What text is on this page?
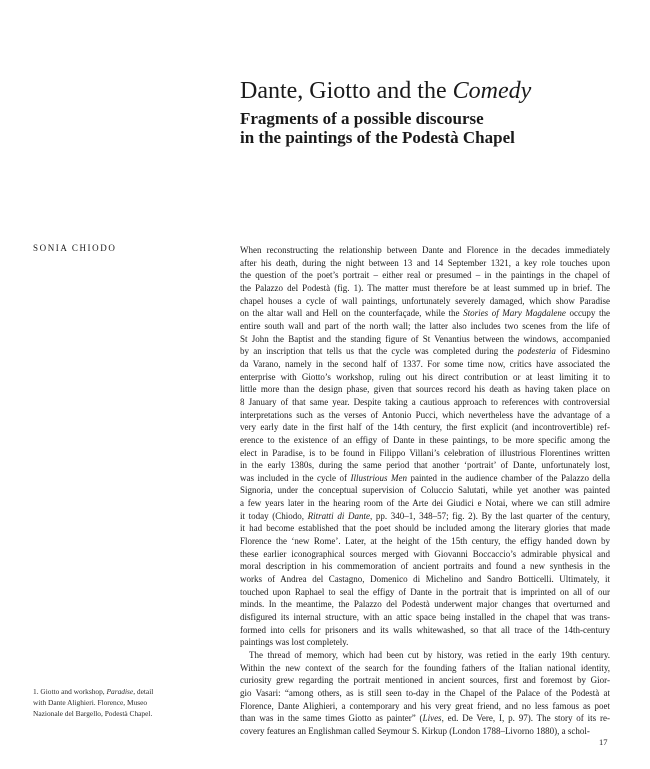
Dante, Giotto and the Comedy
Fragments of a possible discourse
in the paintings of the Podestà Chapel

SONIA CHIODO	When reconstructing the relationship between Dante and Florence in the decades immediately
after his death, during the night between 13 and 14 September 1321, a key role touches upon
the question of the poet’s portrait – either real or presumed – in the paintings in the chapel of
the Palazzo del Podestà (fig. 1). The matter must therefore be at least summed up in brief. The
chapel houses a cycle of wall paintings, unfortunately severely damaged, which show Paradise
on the altar wall and Hell on the counterfaçade, while the Stories of Mary Magdalene occupy the
entire south wall and part of the north wall; the latter also includes two scenes from the life of
St John the Baptist and the standing figure of St Venantius between the windows, accompanied
by an inscription that tells us that the cycle was completed during the podesteria of Fidesmino
da Varano, namely in the second half of 1337. For some time now, critics have associated the
enterprise with Giotto’s workshop, ruling out his direct contribution or at least limiting it to
little more than the design phase, given that sources record his death as having taken place on
8 January of that same year. Despite taking a cautious approach to references with controversial
interpretations such as the verses of Antonio Pucci, which nevertheless have the advantage of a
very early date in the first half of the 14th century, the first explicit (and incontrovertible) ref-
erence to the existence of an effigy of Dante in these paintings, to be more specific among the
elect in Paradise, is to be found in Filippo Villani’s celebration of illustrious Florentines written
in the early 1380s, during the same period that another ‘portrait’ of Dante, unfortunately lost,
was included in the cycle of Illustrious Men painted in the audience chamber of the Palazzo della
Signoria, under the conceptual supervision of Coluccio Salutati, while yet another was painted
a few years later in the hearing room of the Arte dei Giudici e Notai, where we can still admire
it today (Chiodo, Ritratti di Dante, pp. 340–1, 348–57; fig. 2). By the last quarter of the century,
it had become established that the poet should be included among the literary glories that made
Florence the ‘new Rome’. Later, at the height of the 15th century, the effigy handed down by
these earlier iconographical sources merged with Giovanni Boccaccio’s admirable physical and
moral description in his commemoration of ancient portraits and found a new synthesis in the
works of Andrea del Castagno, Domenico di Michelino and Sandro Botticelli. Ultimately, it
touched upon Raphael to seal the effigy of Dante in the portrait that is imprinted on all of our
minds. In the meantime, the Palazzo del Podestà underwent major changes that overturned and
disfigured its internal structure, with an attic space being installed in the chapel that was trans-
formed into cells for prisoners and its walls whitewashed, so that all trace of the 14th-century
paintings was lost completely.
The thread of memory, which had been cut by history, was retied in the early 19th century.
Within the new context of the search for the founding fathers of the Italian national identity,
curiosity grew regarding the portrait mentioned in ancient sources, first and foremost by Gior-
gio Vasari: “among others, as is still seen to-day in the Chapel of the Palace of the Podestà at
Florence, Dante Alighieri, a contemporary and his very great friend, and no less famous as poet
than was in the same times Giotto as painter” (Lives, ed. De Vere, I, p. 97). The story of its re-
covery features an Englishman called Seymour S. Kirkup (London 1788–Livorno 1880), a schol-

1. Giotto and workshop, Paradise, detail
with Dante Alighieri. Florence, Museo
Nazionale del Bargello, Podestà Chapel.

17
